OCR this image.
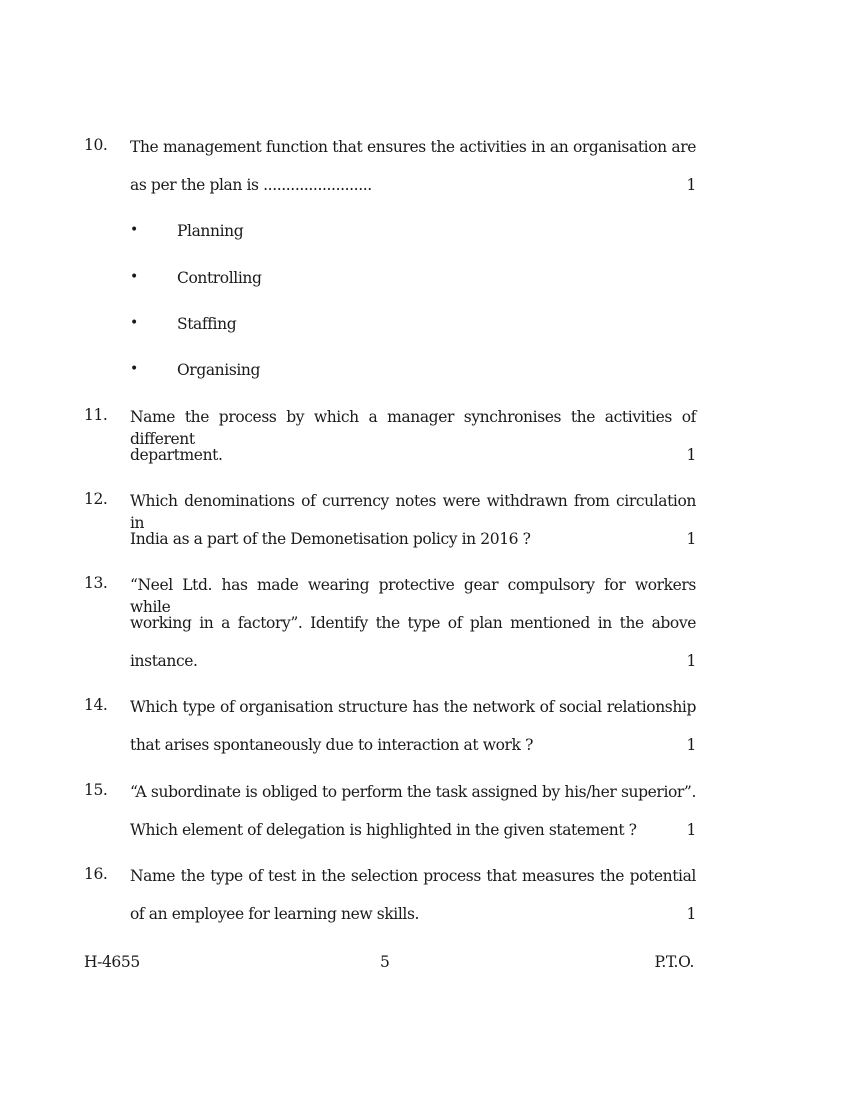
10. The management function that ensures the activities in an organisation are
as per the plan is ........................	1
•	Planning
•	Controlling
•	Staffing
•	Organising
11. Name the process by which a manager synchronises the activities of different
department.	1
12. Which denominations of currency notes were withdrawn from circulation in
India as a part of the Demonetisation policy in 2016 ?	1
13. “Neel Ltd. has made wearing protective gear compulsory for workers while
working in a factory”. Identify the type of plan mentioned in the above
instance.	1
14. Which type of organisation structure has the network of social relationship
that arises spontaneously due to interaction at work ?	1
15. “A subordinate is obliged to perform the task assigned by his/her superior”.
Which element of delegation is highlighted in the given statement ?	1
16. Name the type of test in the selection process that measures the potential
of an employee for learning new skills.	1
H-4655	5	P.T.O.
